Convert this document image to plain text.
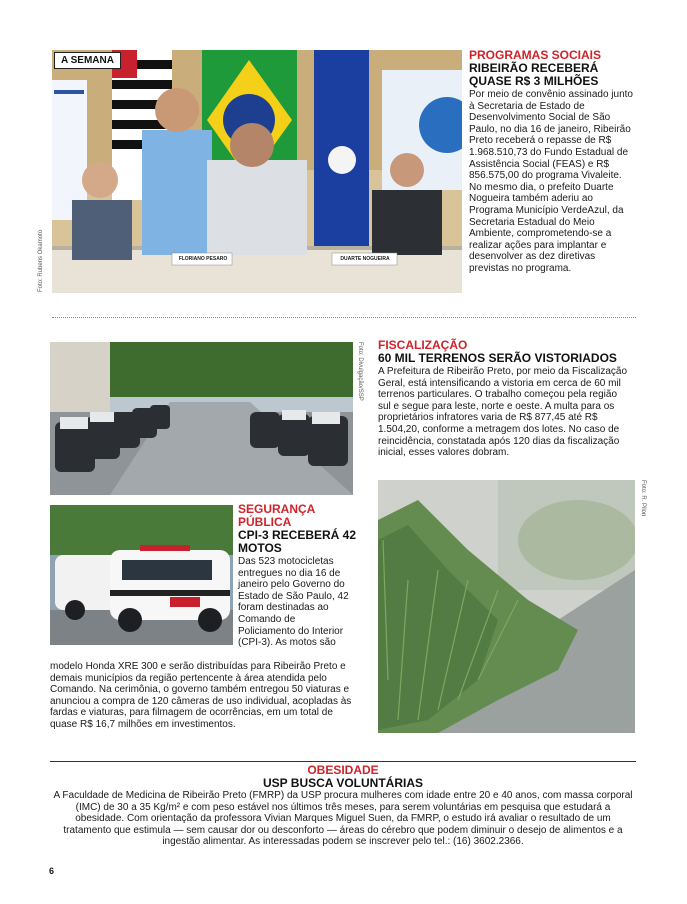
FLORIANO PESARO	DUARTE NOGUEIRA
A SEMANA
Foto: Rubens Okamoto
PROGRAMAS SOCIAIS
RIBEIRÃO RECEBERÁ
QUASE R$ 3 MILHÕES
Por meio de convênio assinado junto à Secretaria de Estado de Desenvolvimento Social de São Paulo, no dia 16 de janeiro, Ribeirão Preto receberá o repasse de R$ 1.968.510,73 do Fundo Estadual de Assistência Social (FEAS) e R$ 856.575,00 do programa Vivaleite. No mesmo dia, o prefeito Duarte Nogueira também aderiu ao Programa Município VerdeAzul, da Secretaria Estadual do Meio Ambiente, comprometendo-se a realizar ações para implantar e desenvolver as dez diretivas previstas no programa.
Foto: Divulgação/SSP FISCALIZAÇÃO
60 MIL TERRENOS SERÃO VISTORIADOS
A Prefeitura de Ribeirão Preto, por meio da Fiscalização Geral, está intensificando a vistoria em cerca de 60 mil terrenos particulares. O trabalho começou pela região sul e segue para leste, norte e oeste. A multa para os proprietários infratores varia de R$ 877,45 até R$ 1.504,20, conforme a metragem dos lotes. No caso de reincidência, constatada após 120 dias da fiscalização inicial, esses valores dobram.
Foto: R. Pilon
SEGURANÇA
PÚBLICA
CPI-3 RECEBERÁ 42
MOTOS
Das 523 motocicletas entregues no dia 16 de janeiro pelo Governo do Estado de São Paulo, 42 foram destinadas ao Comando de Policiamento do Interior (CPI-3). As motos são
modelo Honda XRE 300 e serão distribuídas para Ribeirão Preto e demais municípios da região pertencente à área atendida pelo Comando. Na cerimônia, o governo também entregou 50 viaturas e anunciou a compra de 120 câmeras de uso individual, acopladas às fardas e viaturas, para filmagem de ocorrências, em um total de quase R$ 16,7 milhões em investimentos.
OBESIDADE
USP BUSCA VOLUNTÁRIAS
A Faculdade de Medicina de Ribeirão Preto (FMRP) da USP procura mulheres com idade entre 20 e 40 anos, com massa corporal (IMC) de 30 a 35 Kg/m² e com peso estável nos últimos três meses, para serem voluntárias em pesquisa que estudará a obesidade. Com orientação da professora Vivian Marques Miguel Suen, da FMRP, o estudo irá avaliar o resultado de um tratamento que estimula — sem causar dor ou desconforto — áreas do cérebro que podem diminuir o desejo de alimentos e a ingestão alimentar. As interessadas podem se inscrever pelo tel.: (16) 3602.2366.
6
